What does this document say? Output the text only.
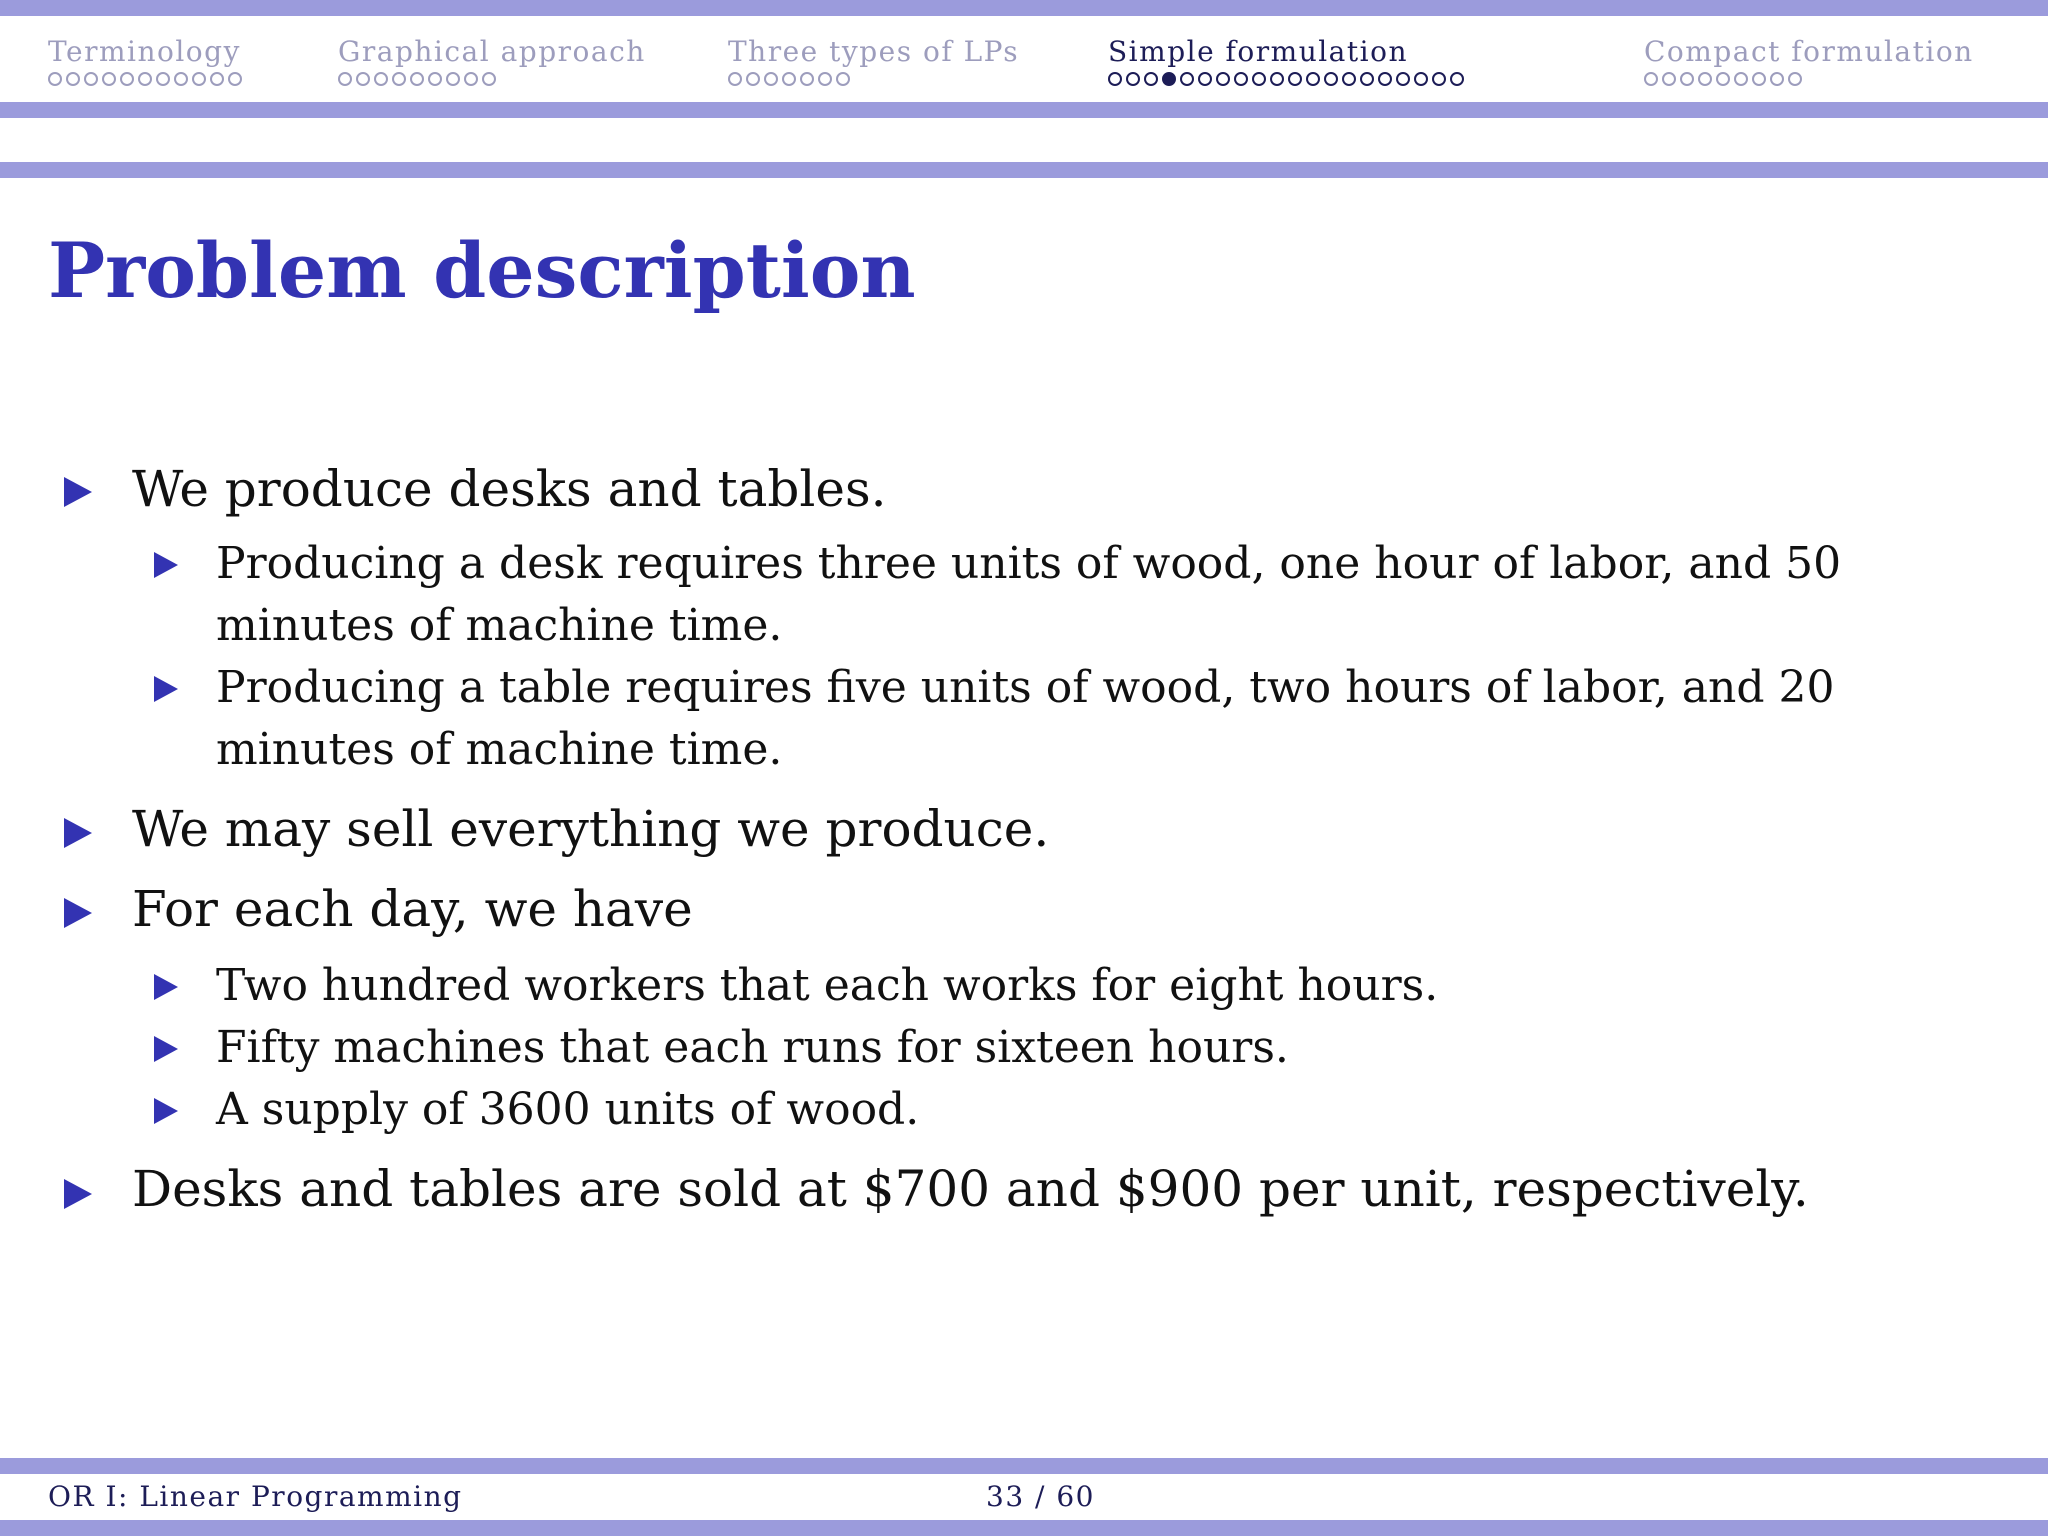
Terminology	Graphical approach	Three types of LPs	Simple formulation	Compact formulation
Problem description
We produce desks and tables.
Producing a desk requires three units of wood, one hour of labor, and 50
minutes of machine time.
Producing a table requires five units of wood, two hours of labor, and 20
minutes of machine time.
We may sell everything we produce.
For each day, we have
Two hundred workers that each works for eight hours.
Fifty machines that each runs for sixteen hours.
A supply of 3600 units of wood.
Desks and tables are sold at $700 and $900 per unit, respectively.
OR I: Linear Programming	33 / 60
